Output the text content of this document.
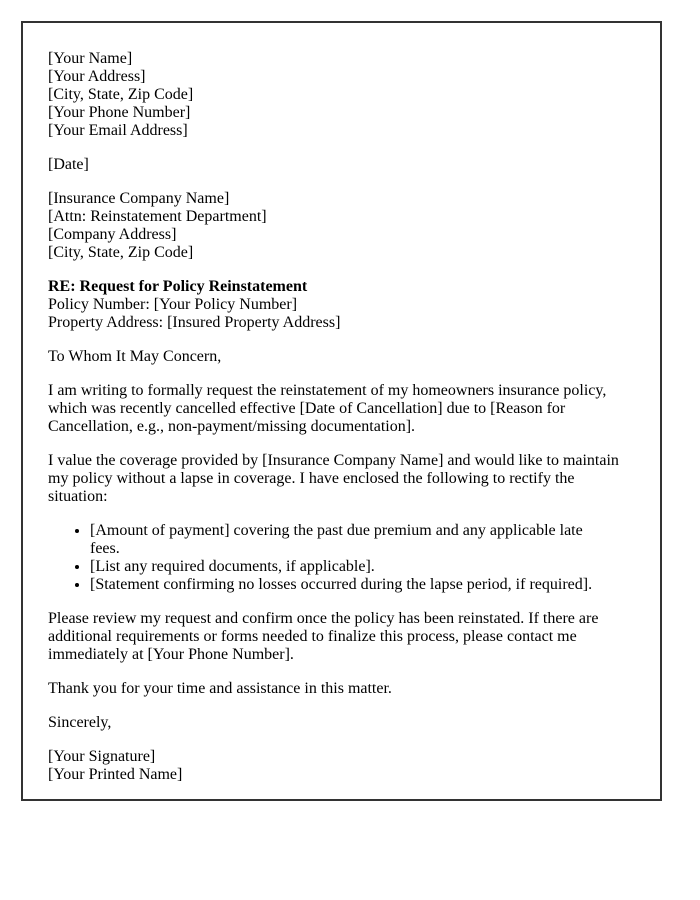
[Your Name]
[Your Address]
[City, State, Zip Code]
[Your Phone Number]
[Your Email Address]
[Date]
[Insurance Company Name]
[Attn: Reinstatement Department]
[Company Address]
[City, State, Zip Code]
RE: Request for Policy Reinstatement
Policy Number: [Your Policy Number]
Property Address: [Insured Property Address]
To Whom It May Concern,
I am writing to formally request the reinstatement of my homeowners insurance policy, which was recently cancelled effective [Date of Cancellation] due to [Reason for Cancellation, e.g., non-payment/missing documentation].
I value the coverage provided by [Insurance Company Name] and would like to maintain my policy without a lapse in coverage. I have enclosed the following to rectify the situation:
• [Amount of payment] covering the past due premium and any applicable late fees.
• [List any required documents, if applicable].
• [Statement confirming no losses occurred during the lapse period, if required].
Please review my request and confirm once the policy has been reinstated. If there are additional requirements or forms needed to finalize this process, please contact me immediately at [Your Phone Number].
Thank you for your time and assistance in this matter.
Sincerely,
[Your Signature]
[Your Printed Name]
